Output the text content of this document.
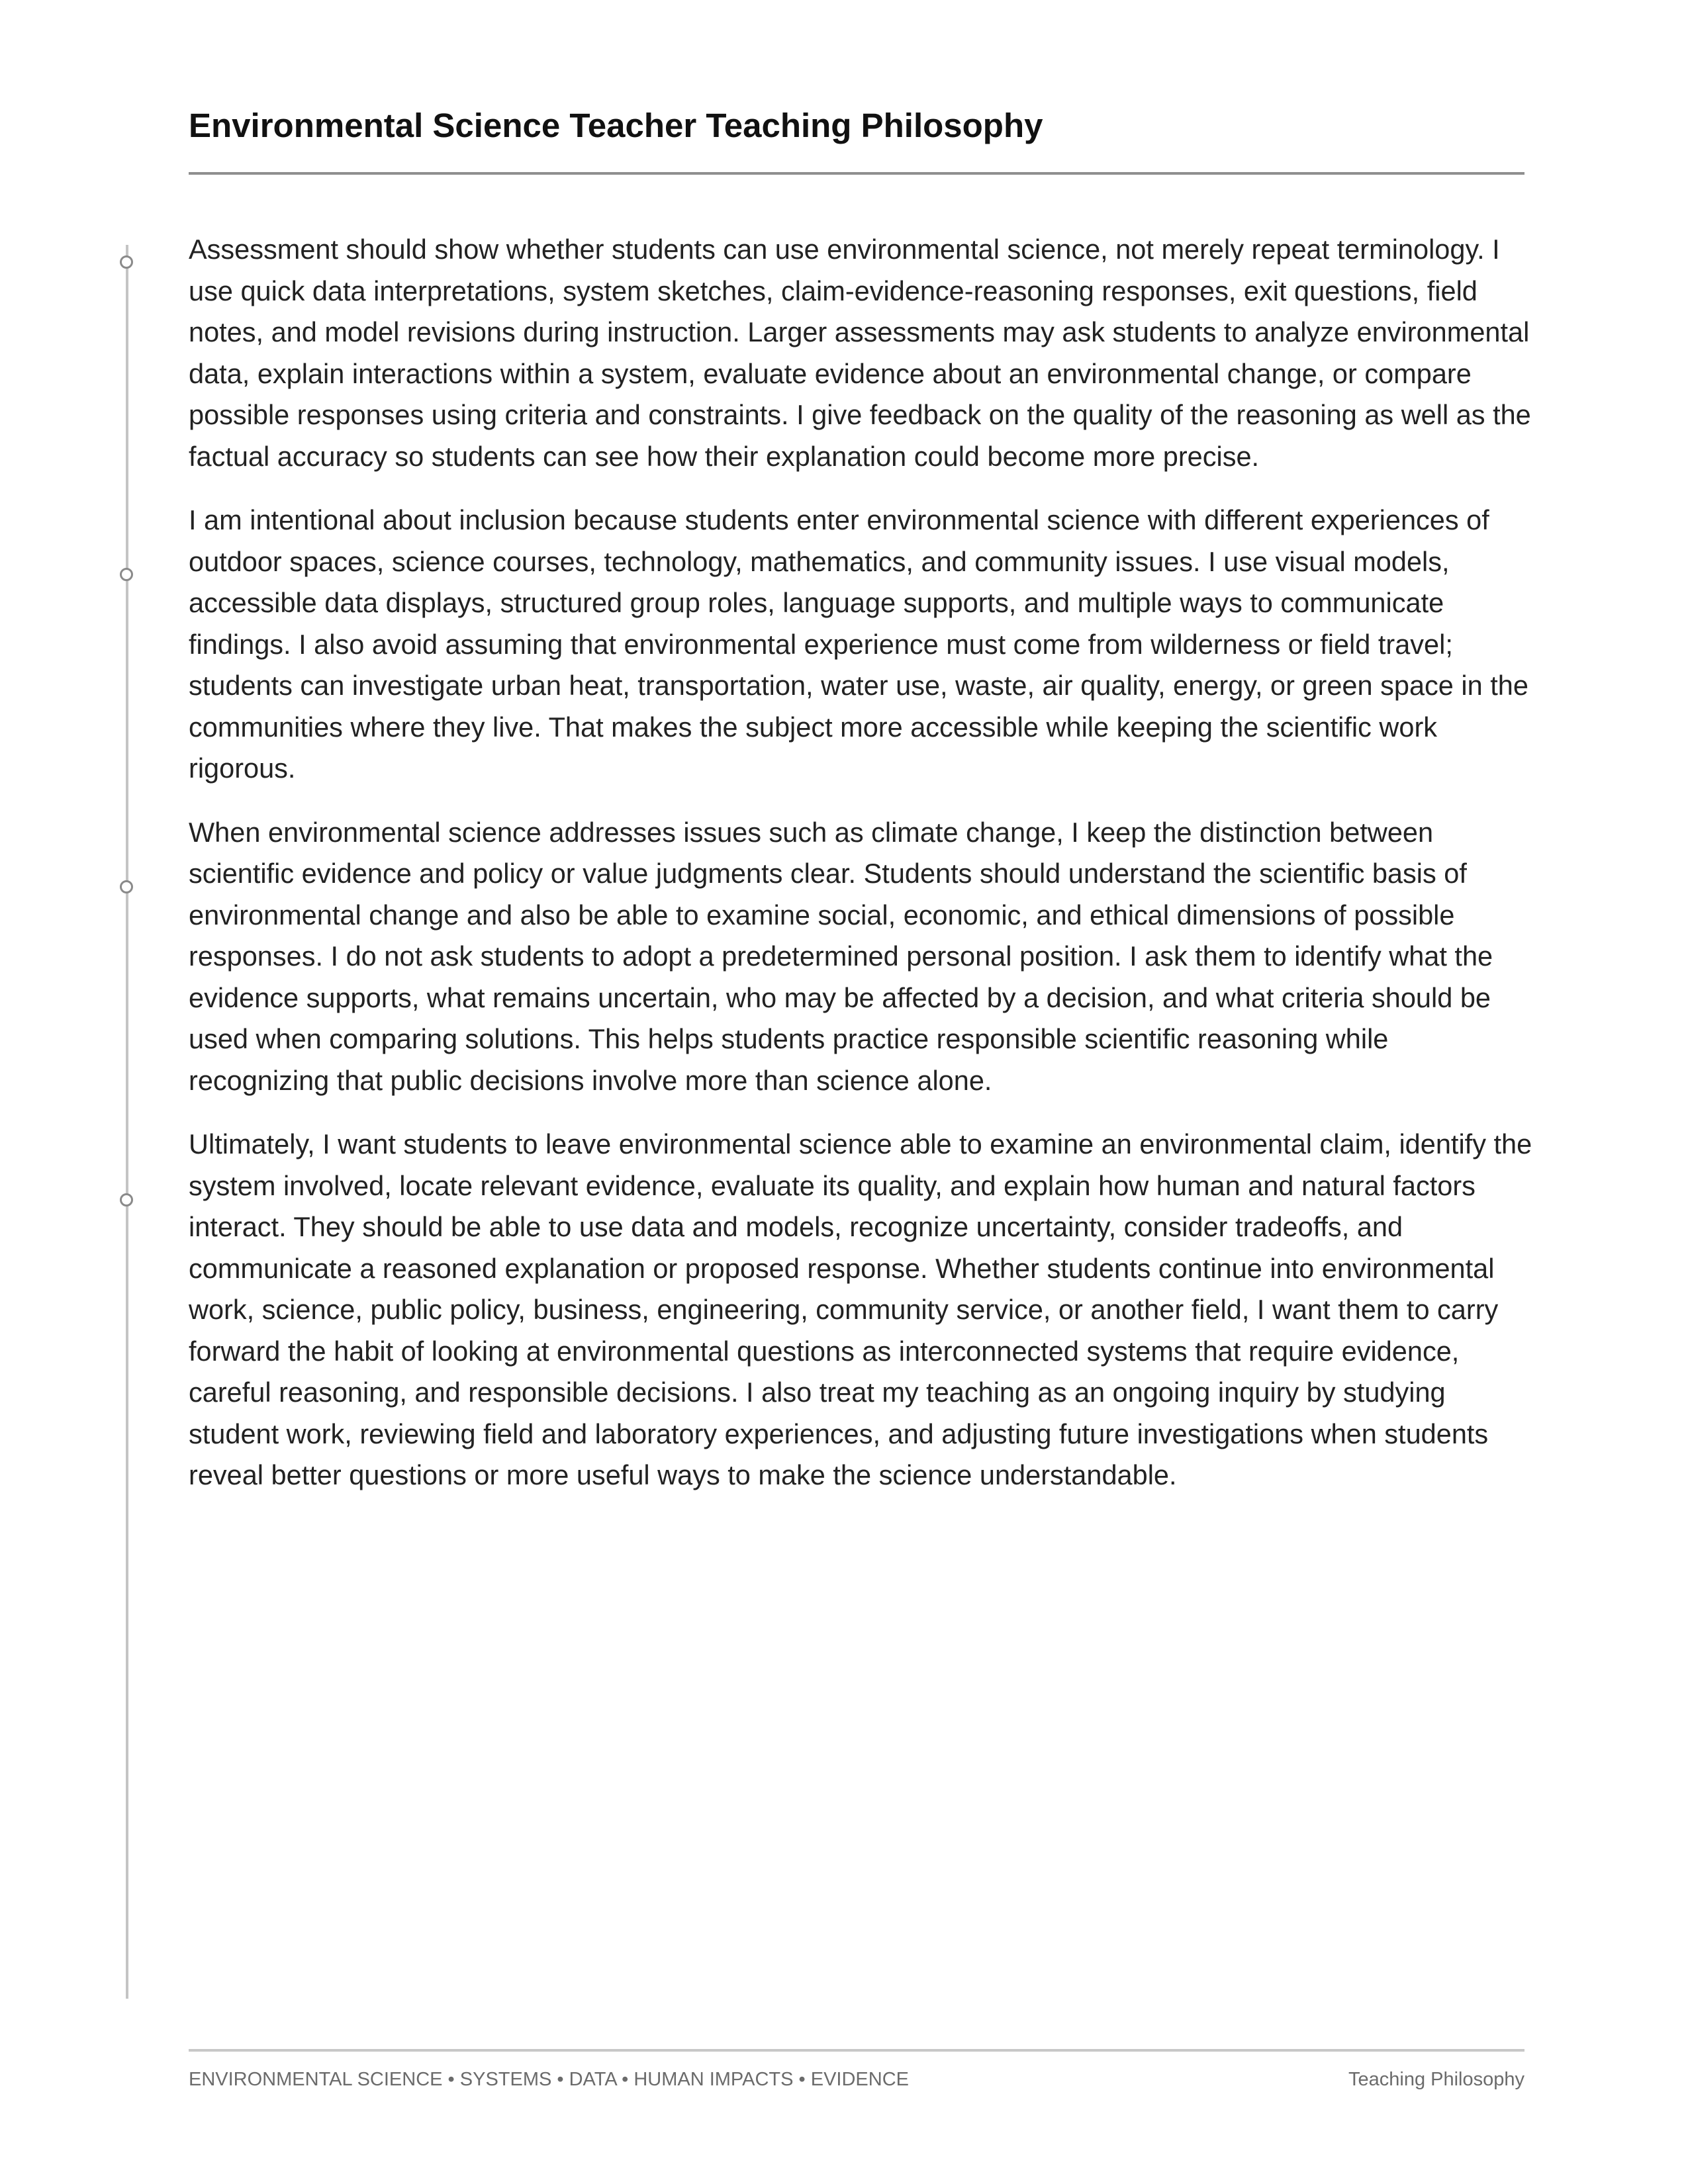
Environmental Science Teacher Teaching Philosophy

Assessment should show whether students can use environmental science, not merely repeat terminology. I use quick data interpretations, system sketches, claim-evidence-reasoning responses, exit questions, field notes, and model revisions during instruction. Larger assessments may ask students to analyze environmental data, explain interactions within a system, evaluate evidence about an environmental change, or compare possible responses using criteria and constraints. I give feedback on the quality of the reasoning as well as the factual accuracy so students can see how their explanation could become more precise.

I am intentional about inclusion because students enter environmental science with different experiences of outdoor spaces, science courses, technology, mathematics, and community issues. I use visual models, accessible data displays, structured group roles, language supports, and multiple ways to communicate findings. I also avoid assuming that environmental experience must come from wilderness or field travel; students can investigate urban heat, transportation, water use, waste, air quality, energy, or green space in the communities where they live. That makes the subject more accessible while keeping the scientific work rigorous.

When environmental science addresses issues such as climate change, I keep the distinction between scientific evidence and policy or value judgments clear. Students should understand the scientific basis of environmental change and also be able to examine social, economic, and ethical dimensions of possible responses. I do not ask students to adopt a predetermined personal position. I ask them to identify what the evidence supports, what remains uncertain, who may be affected by a decision, and what criteria should be used when comparing solutions. This helps students practice responsible scientific reasoning while recognizing that public decisions involve more than science alone.

Ultimately, I want students to leave environmental science able to examine an environmental claim, identify the system involved, locate relevant evidence, evaluate its quality, and explain how human and natural factors interact. They should be able to use data and models, recognize uncertainty, consider tradeoffs, and communicate a reasoned explanation or proposed response. Whether students continue into environmental work, science, public policy, business, engineering, community service, or another field, I want them to carry forward the habit of looking at environmental questions as interconnected systems that require evidence, careful reasoning, and responsible decisions. I also treat my teaching as an ongoing inquiry by studying student work, reviewing field and laboratory experiences, and adjusting future investigations when students reveal better questions or more useful ways to make the science understandable.

ENVIRONMENTAL SCIENCE • SYSTEMS • DATA • HUMAN IMPACTS • EVIDENCE	Teaching Philosophy
